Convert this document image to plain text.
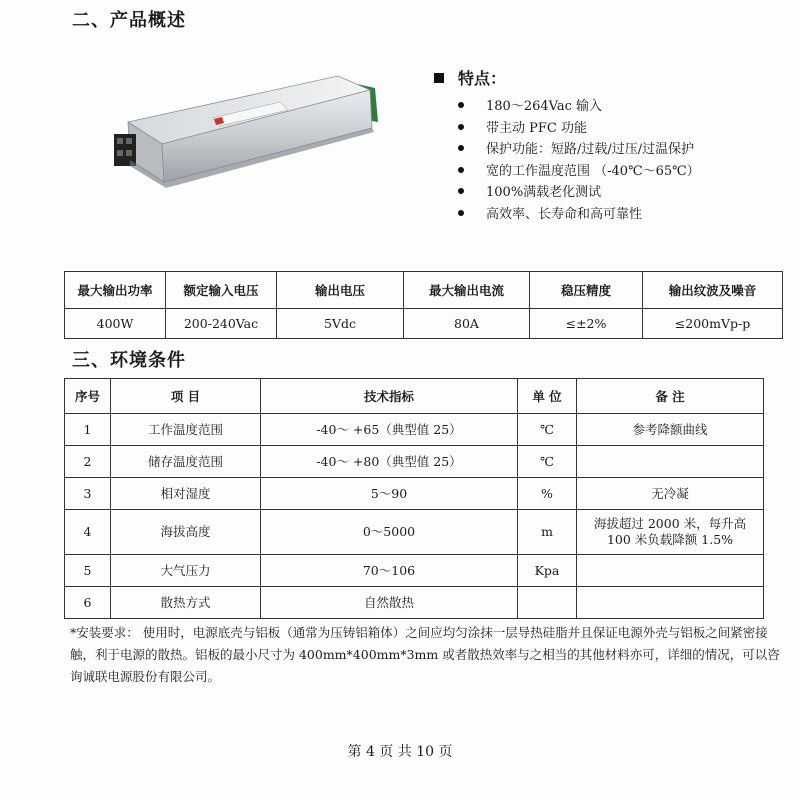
二、产品概述
特点：
180～264Vac 输入
带主动 PFC 功能
保护功能：短路/过载/过压/过温保护
宽的工作温度范围 （-40℃～65℃）
100%满载老化测试
高效率、长寿命和高可靠性
最大输出功率	额定输入电压	输出电压	最大输出电流	稳压精度	输出纹波及噪音
400W	200-240Vac	5Vdc	80A	≤±2%	≤200mVp-p
三、环境条件
序号	项 目	技术指标	单 位	备 注
1	工作温度范围	-40～ +65（典型值 25）	℃	参考降额曲线
2	储存温度范围	-40～ +80（典型值 25）	℃	
3	相对湿度	5～90	%	无冷凝
4	海拔高度	0～5000	m	海拔超过 2000 米，每升高 100 米负载降额 1.5%
5	大气压力	70～106	Kpa	
6	散热方式	自然散热		
*安装要求： 使用时，电源底壳与铝板（通常为压铸铝箱体）之间应均匀涂抹一层导热硅脂并且保证电源外壳与铝板之间紧密接触，利于电源的散热。铝板的最小尺寸为 400mm*400mm*3mm 或者散热效率与之相当的其他材料亦可，详细的情况，可以咨询诚联电源股份有限公司。
第 4 页 共 10 页
